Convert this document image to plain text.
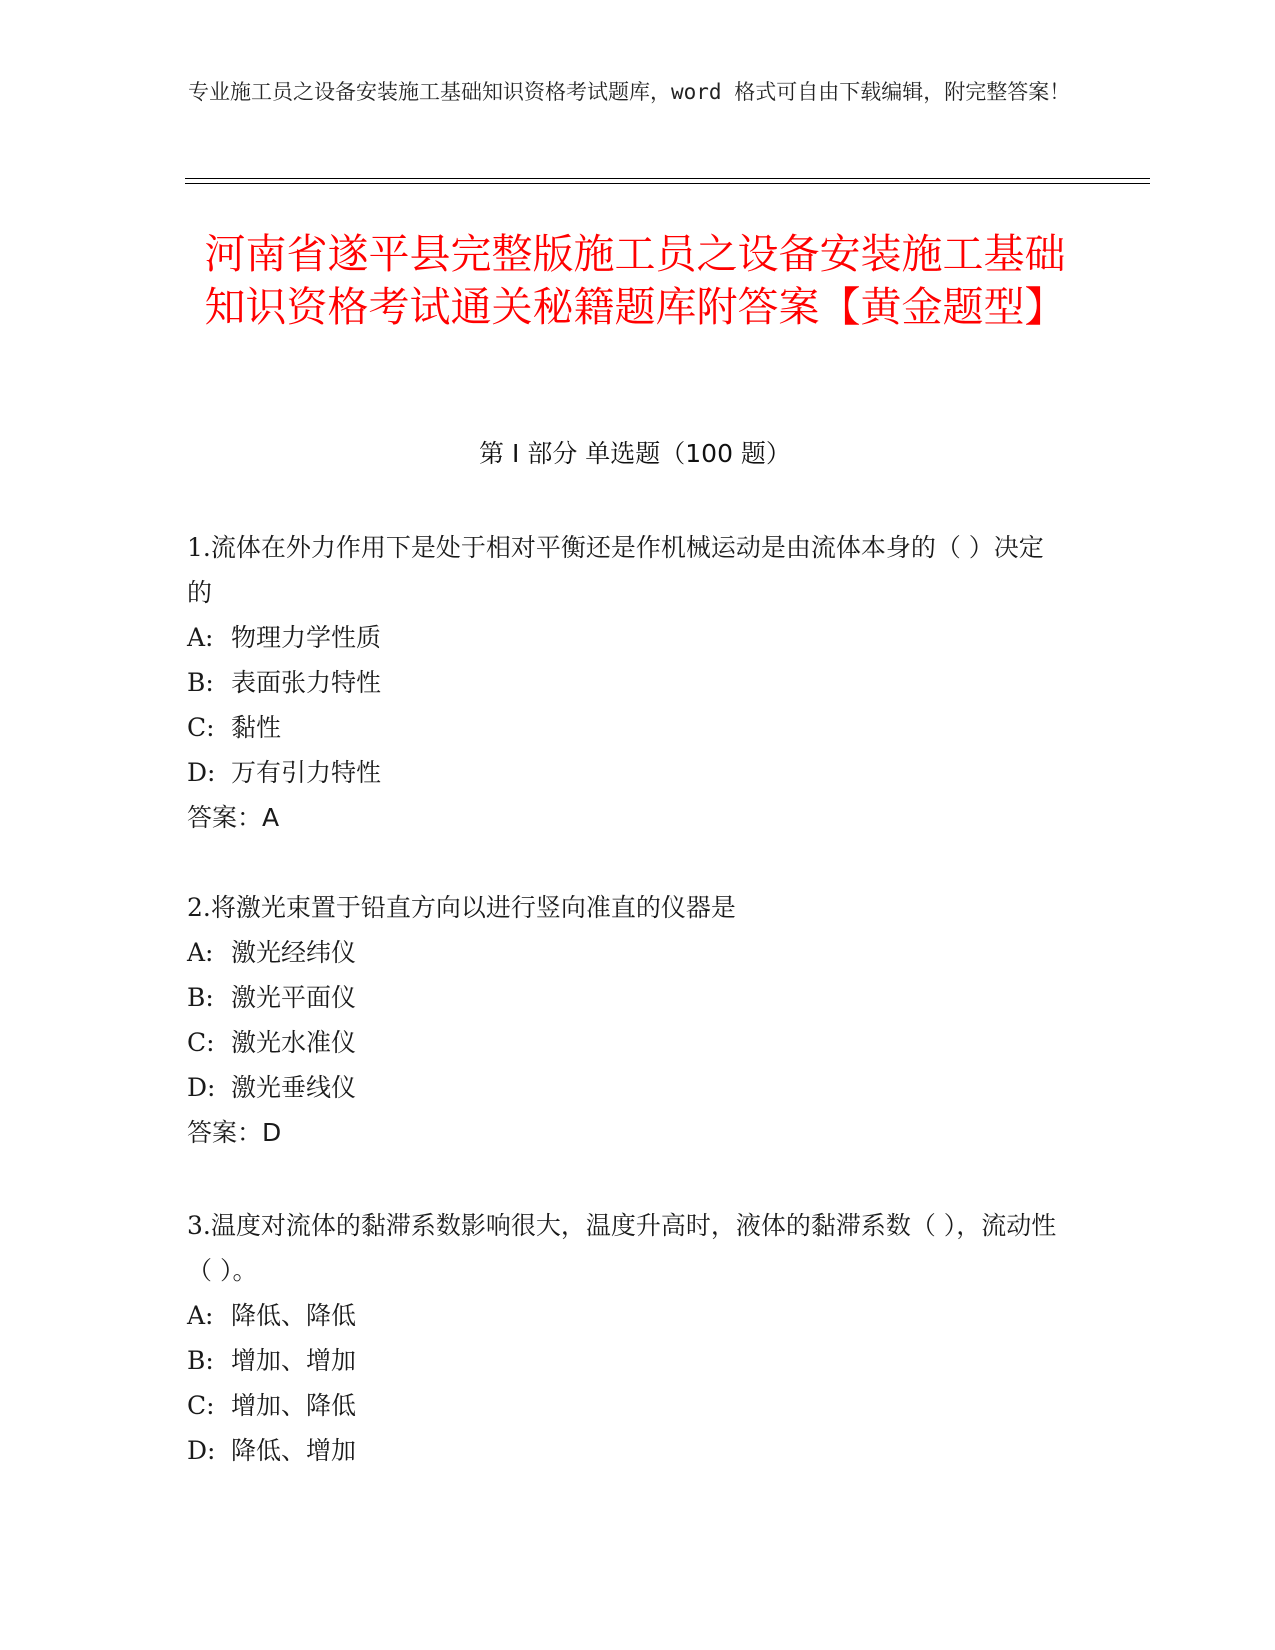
专业施工员之设备安装施工基础知识资格考试题库，word 格式可自由下载编辑，附完整答案！
河南省遂平县完整版施工员之设备安装施工基础知识资格考试通关秘籍题库附答案【黄金题型】
第 I 部分 单选题（100 题）
1.流体在外力作用下是处于相对平衡还是作机械运动是由流体本身的（ ）决定的
A: 物理力学性质
B: 表面张力特性
C: 黏性
D: 万有引力特性
答案：A
2.将激光束置于铅直方向以进行竖向准直的仪器是
A: 激光经纬仪
B: 激光平面仪
C: 激光水准仪
D: 激光垂线仪
答案：D
3.温度对流体的黏滞系数影响很大，温度升高时，液体的黏滞系数（ ），流动性（ ）。
A: 降低、降低
B: 增加、增加
C: 增加、降低
D: 降低、增加
